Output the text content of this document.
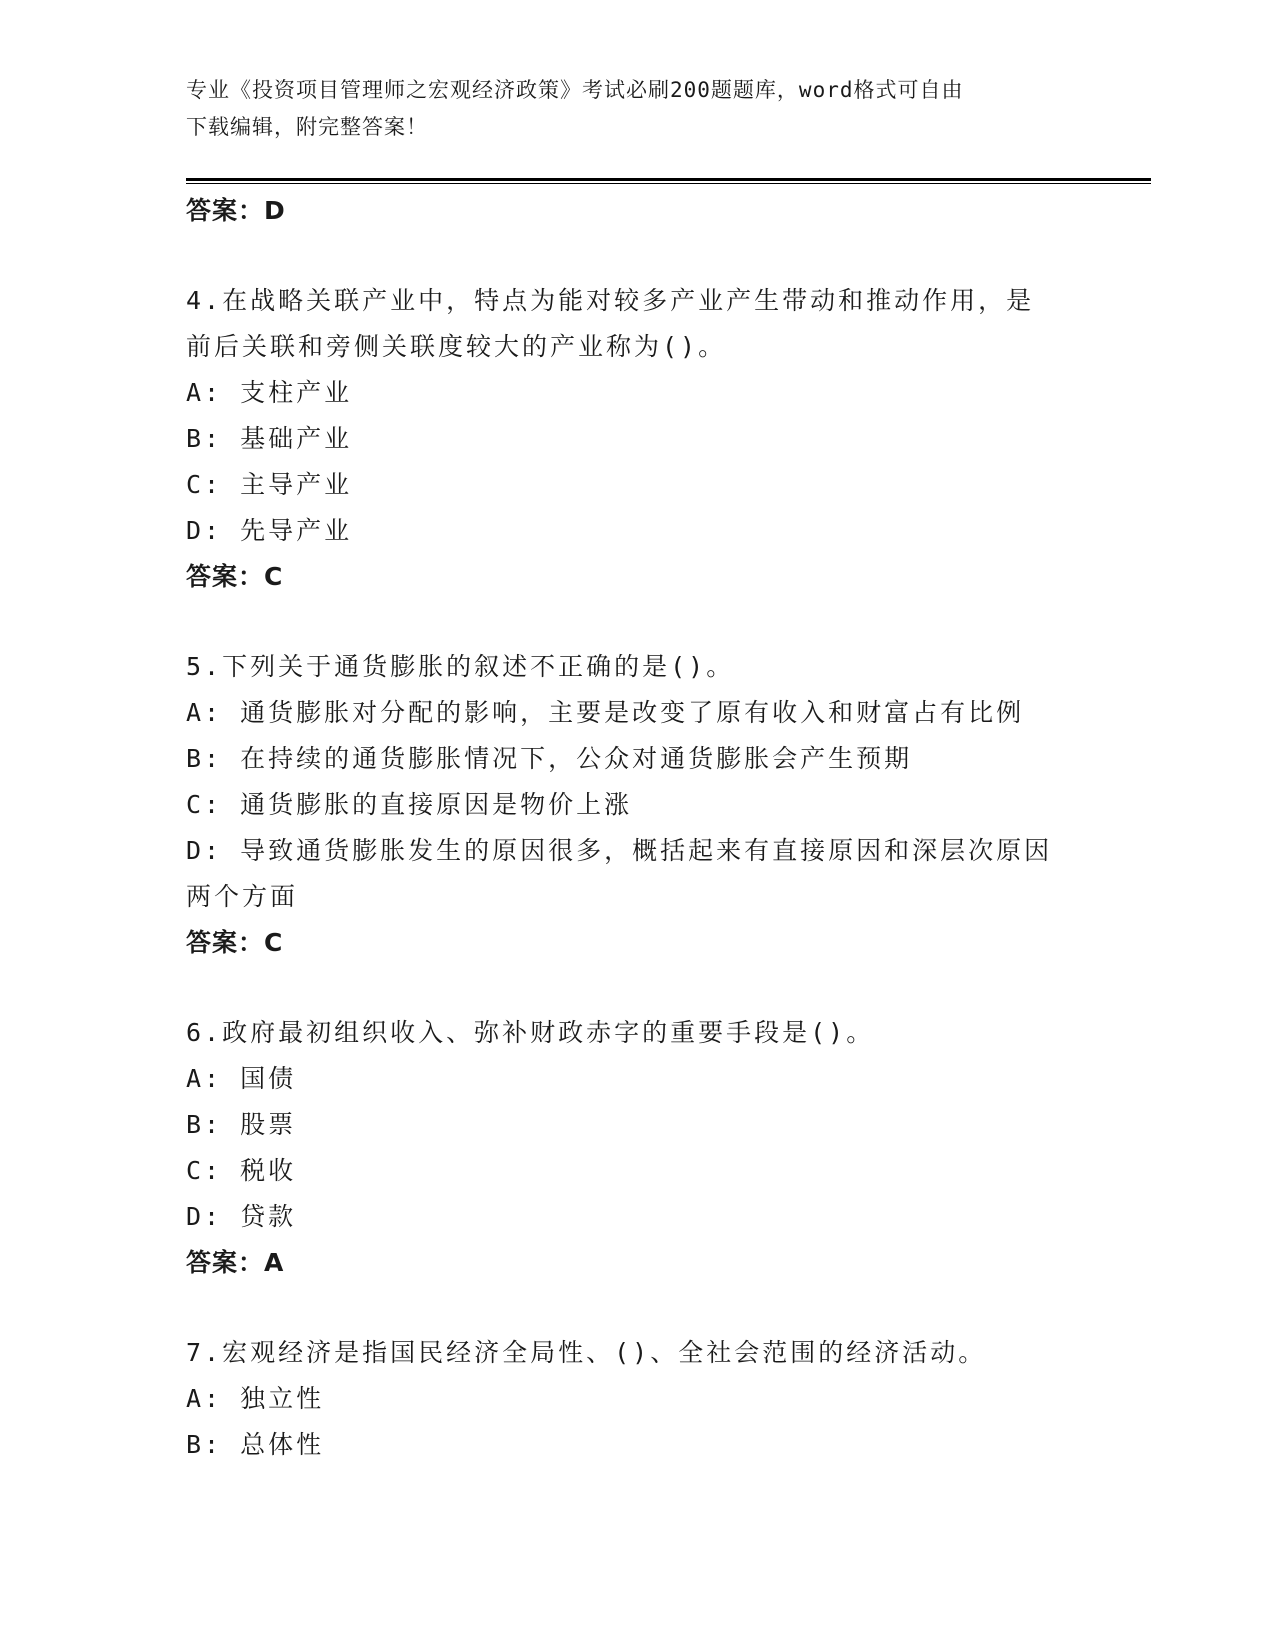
专业《投资项目管理师之宏观经济政策》考试必刷200题题库，word格式可自由
下载编辑，附完整答案！
答案：D
4.在战略关联产业中，特点为能对较多产业产生带动和推动作用，是
前后关联和旁侧关联度较大的产业称为()。
A: 支柱产业
B: 基础产业
C: 主导产业
D: 先导产业
答案：C
5.下列关于通货膨胀的叙述不正确的是()。
A: 通货膨胀对分配的影响，主要是改变了原有收入和财富占有比例
B: 在持续的通货膨胀情况下，公众对通货膨胀会产生预期
C: 通货膨胀的直接原因是物价上涨
D: 导致通货膨胀发生的原因很多，概括起来有直接原因和深层次原因
两个方面
答案：C
6.政府最初组织收入、弥补财政赤字的重要手段是()。
A: 国债
B: 股票
C: 税收
D: 贷款
答案：A
7.宏观经济是指国民经济全局性、()、全社会范围的经济活动。
A: 独立性
B: 总体性
